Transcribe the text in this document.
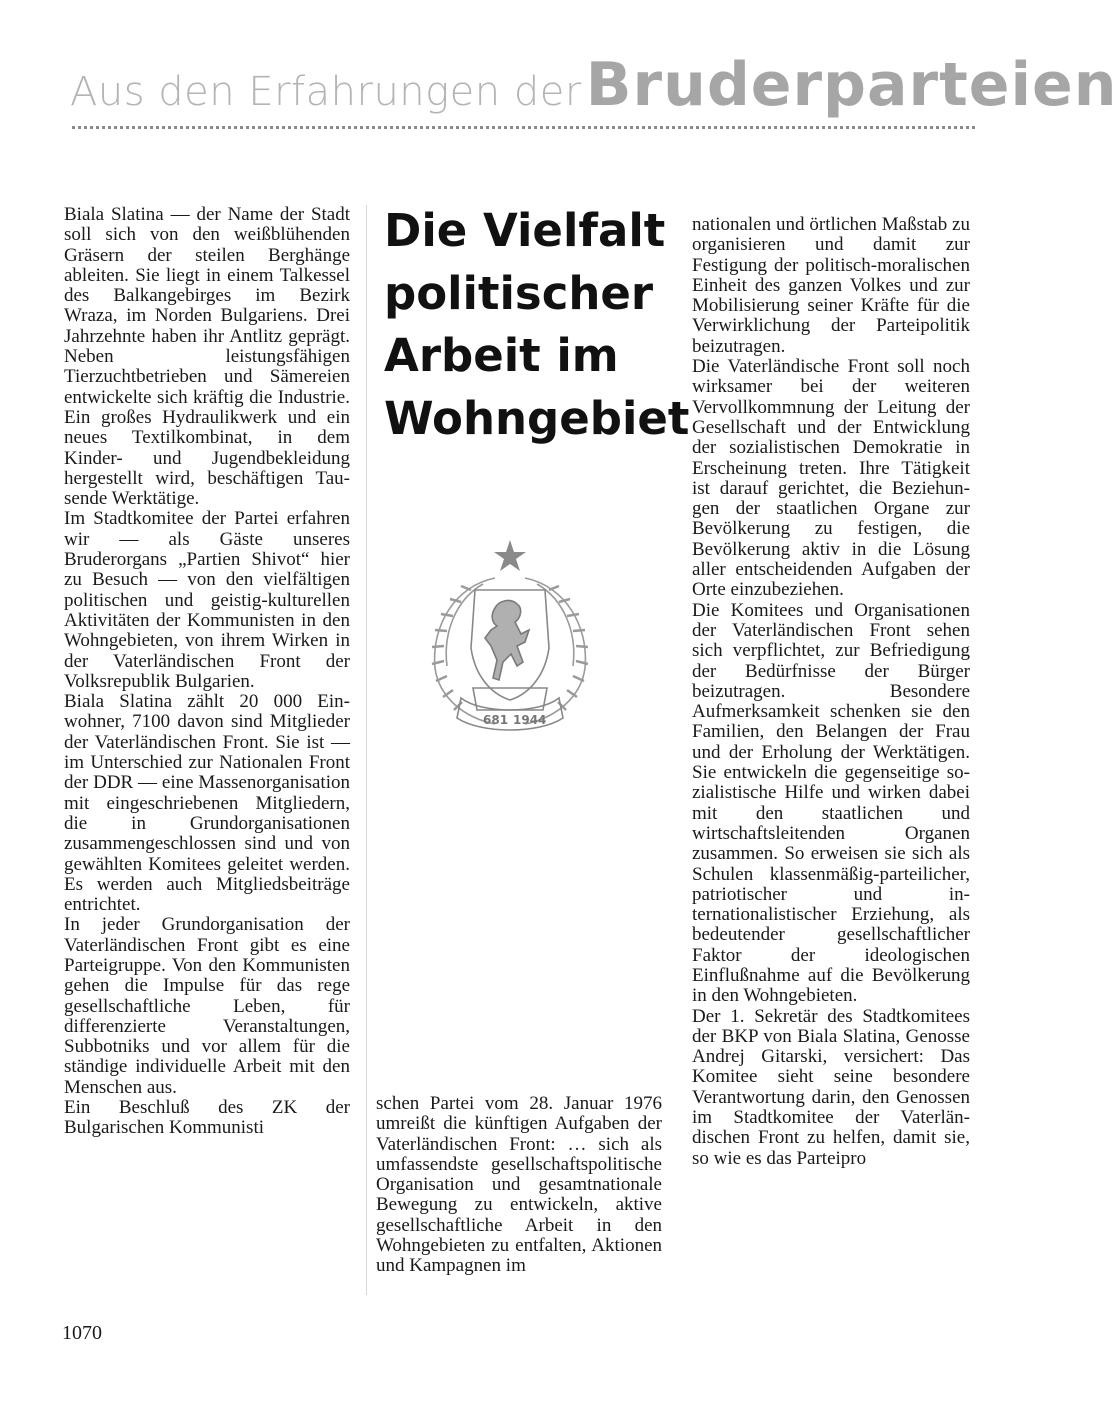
Aus den Erfahrungen der Bruderparteien

Biala Slatina — der Name der Stadt soll sich von den weißblühenden Gräsern der steilen Berghänge ableiten. Sie liegt in einem Talkessel des Balkangebirges im Bezirk Wraza, im Norden Bulgariens. Drei Jahrzehnte haben ihr Antlitz geprägt. Neben leistungsfähigen Tierzuchtbetrieben und Sämereien entwickelte sich kräftig die Industrie. Ein großes Hydraulikwerk und ein neues Textilkombinat, in dem Kinder- und Jugendbekleidung hergestellt wird, beschäftigen Tausende Werktätige.

Im Stadtkomitee der Partei erfahren wir — als Gäste unseres Bruderorgans „Partien Shivot“ hier zu Besuch — von den vielfältigen politischen und geistig-kulturellen Aktivitäten der Kommunisten in den Wohngebieten, von ihrem Wirken in der Vaterländischen Front der Volksrepublik Bulgarien.

Biala Slatina zählt 20 000 Einwohner, 7100 davon sind Mitglieder der Vaterländischen Front. Sie ist — im Unterschied zur Nationalen Front der DDR — eine Massenorganisation mit eingeschriebenen Mitgliedern, die in Grundorganisationen zusammengeschlossen sind und von gewählten Komitees geleitet werden. Es werden auch Mitgliedsbeiträge entrichtet.

In jeder Grundorganisation der Vaterländischen Front gibt es eine Parteigruppe. Von den Kommunisten gehen die Impulse für das rege gesellschaftliche Leben, für differenzierte Veranstaltungen, Subbotniks und vor allem für die ständige individuelle Arbeit mit den Menschen aus.

Ein Beschluß des ZK der Bulgarischen Kommunisti

Die Vielfalt
politischer
Arbeit im
Wohngebiet
681 1944

schen Partei vom 28. Januar 1976 umreißt die künftigen Aufgaben der Vaterländischen Front: … sich als umfassendste gesellschaftspolitische Organisation und gesamtnationale Bewegung zu entwickeln, aktive gesellschaftliche Arbeit in den Wohngebieten zu entfalten, Aktionen und Kampagnen im

nationalen und örtlichen Maßstab zu organisieren und damit zur Festigung der politisch-moralischen Einheit des ganzen Volkes und zur Mobilisierung seiner Kräfte für die Verwirklichung der Parteipolitik beizutragen.

Die Vaterländische Front soll noch wirksamer bei der weiteren Vervollkommnung der Leitung der Gesellschaft und der Entwicklung der sozialistischen Demokratie in Erscheinung treten. Ihre Tätigkeit ist darauf gerichtet, die Beziehungen der staatlichen Organe zur Bevölkerung zu festigen, die Bevölkerung aktiv in die Lösung aller entscheidenden Aufgaben der Orte einzubeziehen.

Die Komitees und Organisationen der Vaterländischen Front sehen sich verpflichtet, zur Befriedigung der Bedürfnisse der Bürger beizutragen. Besondere Aufmerksamkeit schenken sie den Familien, den Belangen der Frau und der Erholung der Werktätigen. Sie entwickeln die gegenseitige sozialistische Hilfe und wirken dabei mit den staatlichen und wirtschaftsleitenden Organen zusammen. So erweisen sie sich als Schulen klassenmäßig-parteilicher, patriotischer und internationalistischer Erziehung, als bedeutender gesellschaftlicher Faktor der ideologischen Einflußnahme auf die Bevölkerung in den Wohngebieten.

Der 1. Sekretär des Stadtkomitees der BKP von Biala Slatina, Genosse Andrej Gitarski, versichert: Das Komitee sieht seine besondere Verantwortung darin, den Genossen im Stadtkomitee der Vaterländischen Front zu helfen, damit sie, so wie es das Parteipro

1070
